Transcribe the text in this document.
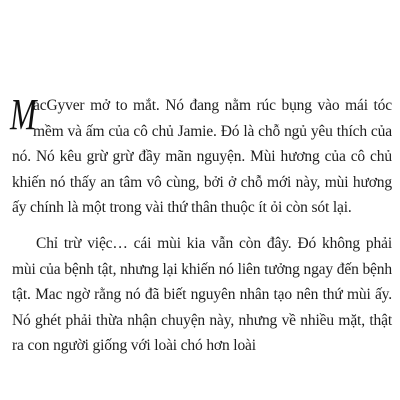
M
acGyver mở to mắt. Nó đang nằm rúc bụng vào mái tóc mềm và ấm của cô chủ Jamie. Đó là chỗ ngủ yêu thích của nó. Nó kêu grừ grừ đầy mãn nguyện. Mùi hương của cô chủ khiến nó thấy an tâm vô cùng, bởi ở chỗ mới này, mùi hương ấy chính là một trong vài thứ thân thuộc ít ỏi còn sót lại.

Chỉ trừ việc… cái mùi kia vẫn còn đây. Đó không phải mùi của bệnh tật, nhưng lại khiến nó liên tưởng ngay đến bệnh tật. Mac ngờ rằng nó đã biết nguyên nhân tạo nên thứ mùi ấy. Nó ghét phải thừa nhận chuyện này, nhưng về nhiều mặt, thật ra con người giống với loài chó hơn loài
